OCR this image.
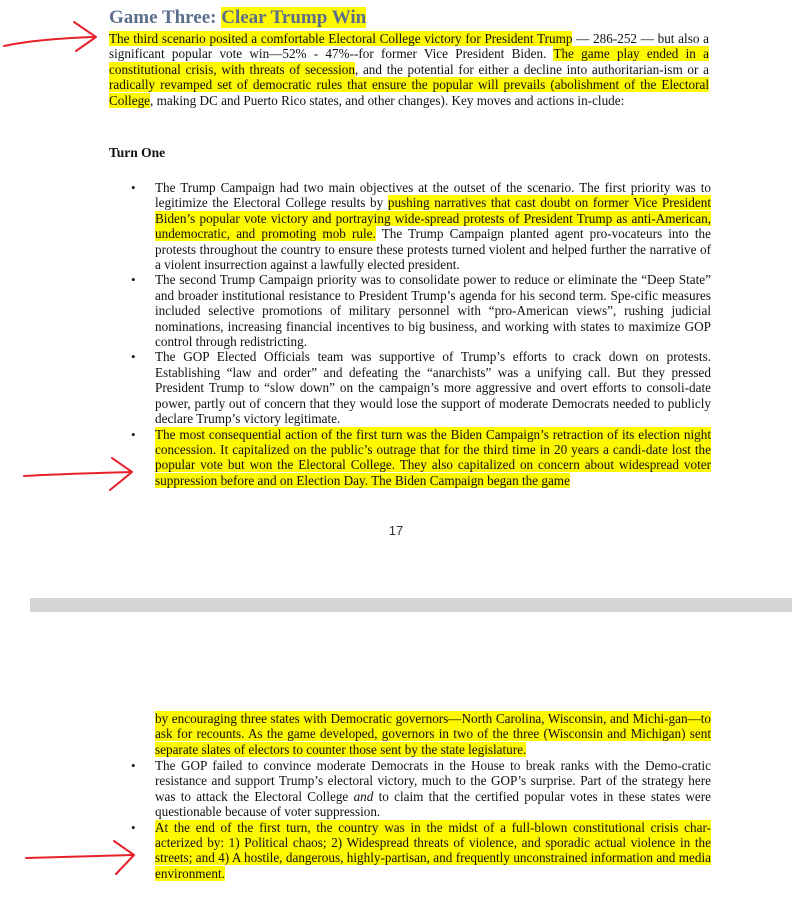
Game Three: Clear Trump Win

The third scenario posited a comfortable Electoral College victory for President Trump — 286-252 — but also a significant popular vote win—52% - 47%--for former Vice President Biden. The game play ended in a constitutional crisis, with threats of secession, and the potential for either a decline into authoritarian-ism or a radically revamped set of democratic rules that ensure the popular will prevails (abolishment of the Electoral College, making DC and Puerto Rico states, and other changes). Key moves and actions in-clude:

Turn One
• The Trump Campaign had two main objectives at the outset of the scenario. The first priority was to legitimize the Electoral College results by pushing narratives that cast doubt on former Vice President Biden’s popular vote victory and portraying wide-spread protests of President Trump as anti-American, undemocratic, and promoting mob rule. The Trump Campaign planted agent pro-vocateurs into the protests throughout the country to ensure these protests turned violent and helped further the narrative of a violent insurrection against a lawfully elected president.
• The second Trump Campaign priority was to consolidate power to reduce or eliminate the “Deep State” and broader institutional resistance to President Trump’s agenda for his second term. Spe-cific measures included selective promotions of military personnel with “pro-American views”, rushing judicial nominations, increasing financial incentives to big business, and working with states to maximize GOP control through redistricting.
• The GOP Elected Officials team was supportive of Trump’s efforts to crack down on protests. Establishing “law and order” and defeating the “anarchists” was a unifying call. But they pressed President Trump to “slow down” on the campaign’s more aggressive and overt efforts to consoli-date power, partly out of concern that they would lose the support of moderate Democrats needed to publicly declare Trump’s victory legitimate.
• The most consequential action of the first turn was the Biden Campaign’s retraction of its election night concession. It capitalized on the public’s outrage that for the third time in 20 years a candi-date lost the popular vote but won the Electoral College. They also capitalized on concern about widespread voter suppression before and on Election Day. The Biden Campaign began the game
17

by encouraging three states with Democratic governors—North Carolina, Wisconsin, and Michi-gan—to ask for recounts. As the game developed, governors in two of the three (Wisconsin and Michigan) sent separate slates of electors to counter those sent by the state legislature.

• The GOP failed to convince moderate Democrats in the House to break ranks with the Demo-cratic resistance and support Trump’s electoral victory, much to the GOP’s surprise. Part of the strategy here was to attack the Electoral College and to claim that the certified popular votes in these states were questionable because of voter suppression.
• At the end of the first turn, the country was in the midst of a full-blown constitutional crisis char-acterized by: 1) Political chaos; 2) Widespread threats of violence, and sporadic actual violence in the streets; and 4) A hostile, dangerous, highly-partisan, and frequently unconstrained information and media environment.
